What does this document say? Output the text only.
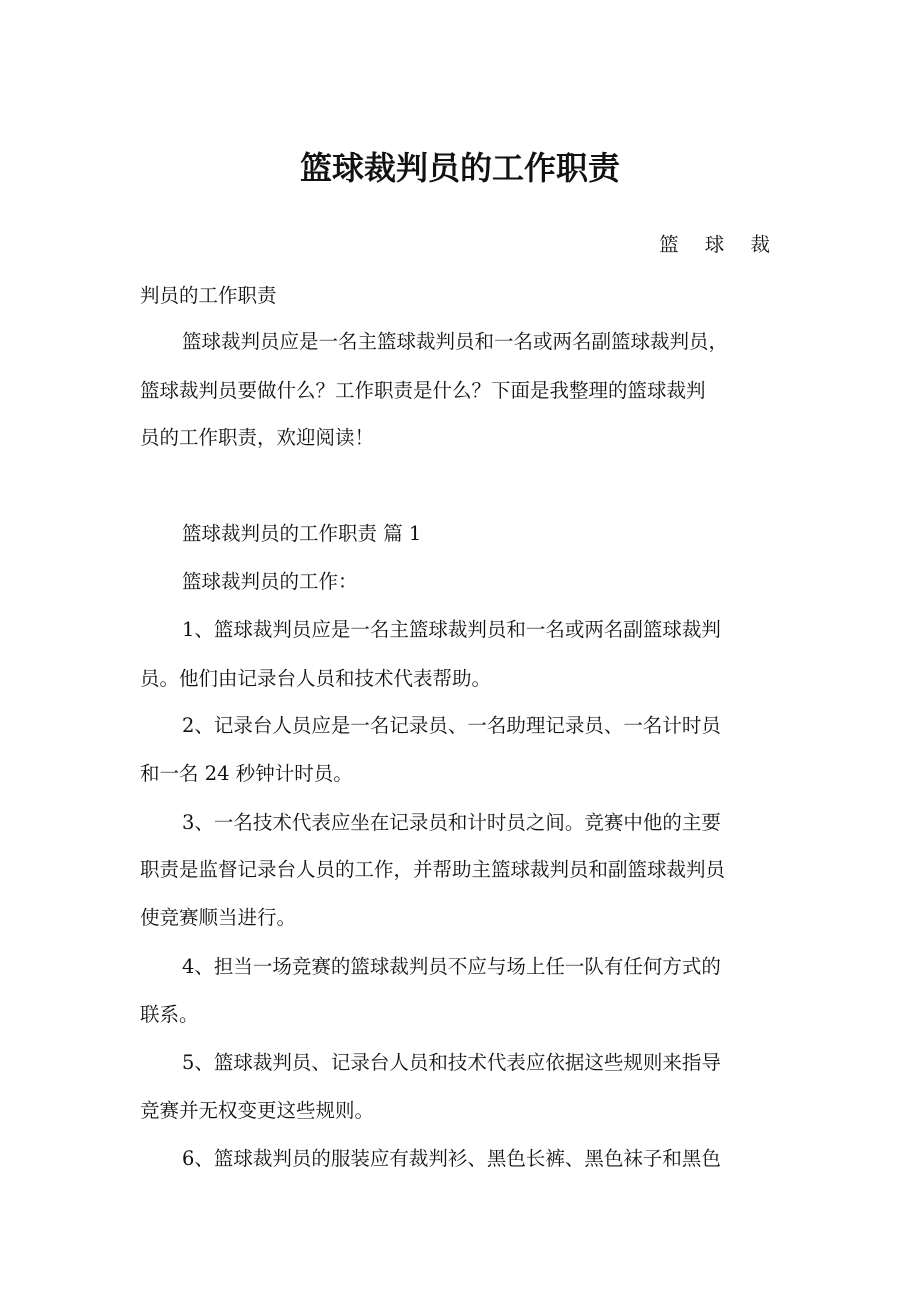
篮球裁判员的工作职责

篮 球 裁

判员的工作职责

篮球裁判员应是一名主篮球裁判员和一名或两名副篮球裁判员，

篮球裁判员要做什么？工作职责是什么？下面是我整理的篮球裁判

员的工作职责，欢迎阅读！

篮球裁判员的工作职责 篇 1

篮球裁判员的工作：

1、篮球裁判员应是一名主篮球裁判员和一名或两名副篮球裁判

员。他们由记录台人员和技术代表帮助。

2、记录台人员应是一名记录员、一名助理记录员、一名计时员

和一名 24 秒钟计时员。

3、一名技术代表应坐在记录员和计时员之间。竞赛中他的主要

职责是监督记录台人员的工作，并帮助主篮球裁判员和副篮球裁判员

使竞赛顺当进行。

4、担当一场竞赛的篮球裁判员不应与场上任一队有任何方式的

联系。

5、篮球裁判员、记录台人员和技术代表应依据这些规则来指导

竞赛并无权变更这些规则。

6、篮球裁判员的服装应有裁判衫、黑色长裤、黑色袜子和黑色
